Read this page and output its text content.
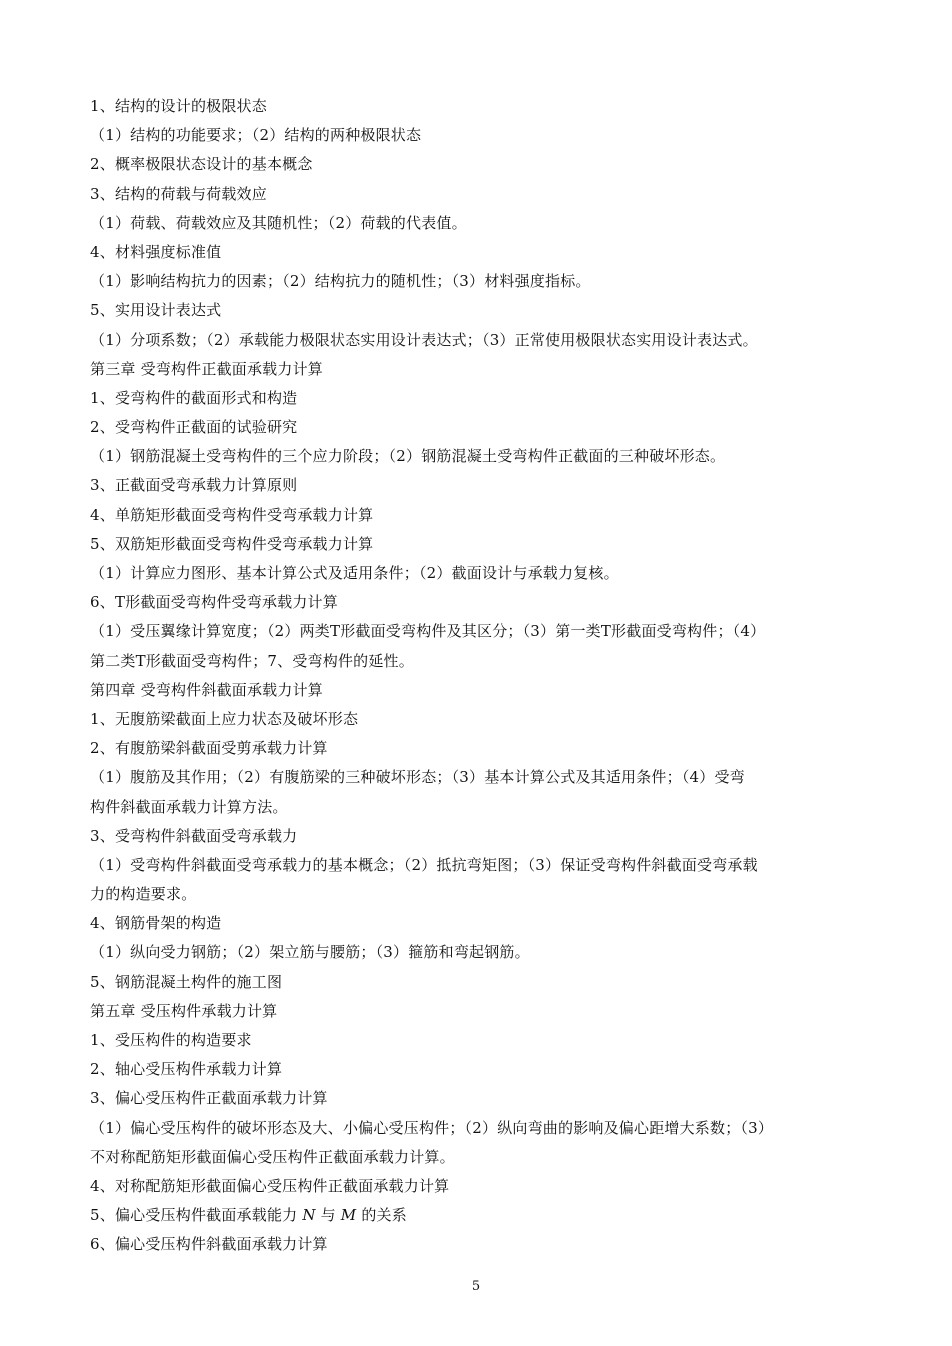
1、结构的设计的极限状态
（1）结构的功能要求；（2）结构的两种极限状态
2、概率极限状态设计的基本概念
3、结构的荷载与荷载效应
（1）荷载、荷载效应及其随机性；（2）荷载的代表值。
4、材料强度标准值
（1）影响结构抗力的因素；（2）结构抗力的随机性；（3）材料强度指标。
5、实用设计表达式
（1）分项系数；（2）承载能力极限状态实用设计表达式；（3）正常使用极限状态实用设计表达式。
第三章 受弯构件正截面承载力计算
1、受弯构件的截面形式和构造
2、受弯构件正截面的试验研究
（1）钢筋混凝土受弯构件的三个应力阶段；（2）钢筋混凝土受弯构件正截面的三种破坏形态。
3、正截面受弯承载力计算原则
4、单筋矩形截面受弯构件受弯承载力计算
5、双筋矩形截面受弯构件受弯承载力计算
（1）计算应力图形、基本计算公式及适用条件；（2）截面设计与承载力复核。
6、T形截面受弯构件受弯承载力计算
（1）受压翼缘计算宽度；（2）两类T形截面受弯构件及其区分；（3）第一类T形截面受弯构件；（4）
第二类T形截面受弯构件；7、受弯构件的延性。
第四章 受弯构件斜截面承载力计算
1、无腹筋梁截面上应力状态及破坏形态
2、有腹筋梁斜截面受剪承载力计算
（1）腹筋及其作用；（2）有腹筋梁的三种破坏形态；（3）基本计算公式及其适用条件；（4）受弯
构件斜截面承载力计算方法。
3、受弯构件斜截面受弯承载力
（1）受弯构件斜截面受弯承载力的基本概念；（2）抵抗弯矩图；（3）保证受弯构件斜截面受弯承载
力的构造要求。
4、钢筋骨架的构造
（1）纵向受力钢筋；（2）架立筋与腰筋；（3）箍筋和弯起钢筋。
5、钢筋混凝土构件的施工图
第五章 受压构件承载力计算
1、受压构件的构造要求
2、轴心受压构件承载力计算
3、偏心受压构件正截面承载力计算
（1）偏心受压构件的破坏形态及大、小偏心受压构件；（2）纵向弯曲的影响及偏心距增大系数；（3）
不对称配筋矩形截面偏心受压构件正截面承载力计算。
4、对称配筋矩形截面偏心受压构件正截面承载力计算
5、偏心受压构件截面承载能力 N 与 M 的关系
6、偏心受压构件斜截面承载力计算
5
